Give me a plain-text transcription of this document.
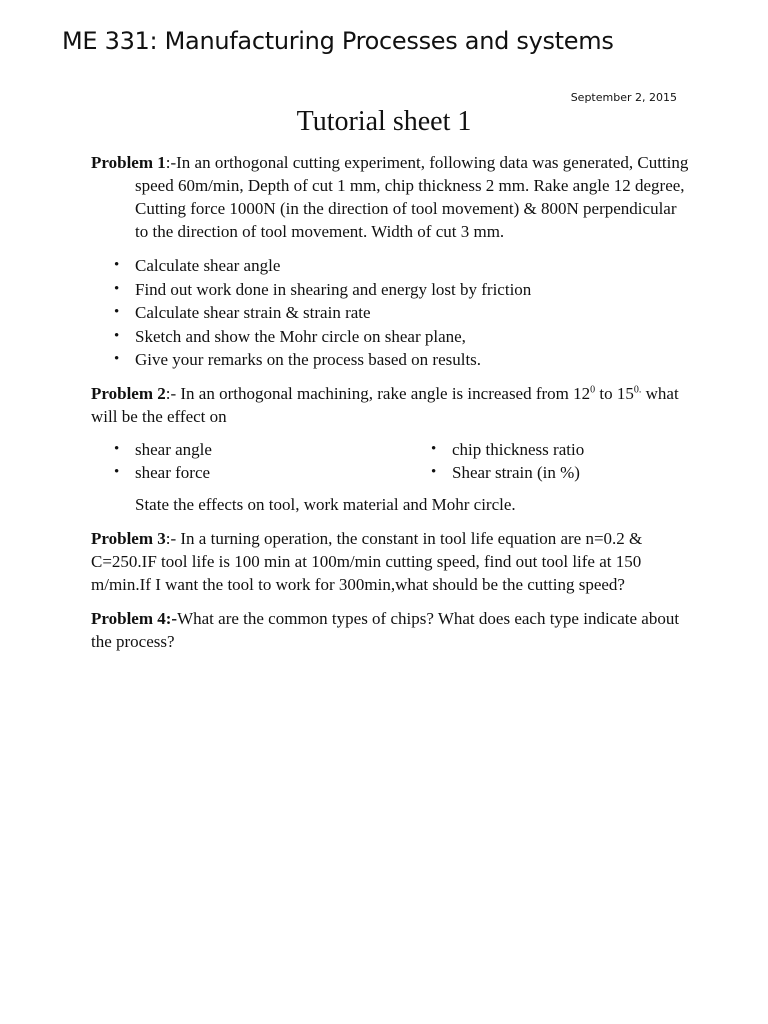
ME 331: Manufacturing Processes and systems
September 2, 2015
Tutorial sheet 1

Problem 1:-In an orthogonal cutting experiment, following data was generated, Cutting speed 60m/min, Depth of cut 1 mm, chip thickness 2 mm. Rake angle 12 degree, Cutting force 1000N (in the direction of tool movement) & 800N perpendicular to the direction of tool movement. Width of cut 3 mm.

• Calculate shear angle
• Find out work done in shearing and energy lost by friction
• Calculate shear strain & strain rate
• Sketch and show the Mohr circle on shear plane,
• Give your remarks on the process based on results.

Problem 2:- In an orthogonal machining, rake angle is increased from $12^0$ to $15^{0.}$ what will be the effect on

• shear angle
• shear force
• chip thickness ratio
• Shear strain (in %)

State the effects on tool, work material and Mohr circle.

Problem 3:- In a turning operation, the constant in tool life equation are n=0.2 & C=250.IF tool life is 100 min at 100m/min cutting speed, find out tool life at 150 m/min.If I want the tool to work for 300min,what should be the cutting speed?

Problem 4:-What are the common types of chips? What does each type indicate about the process?
